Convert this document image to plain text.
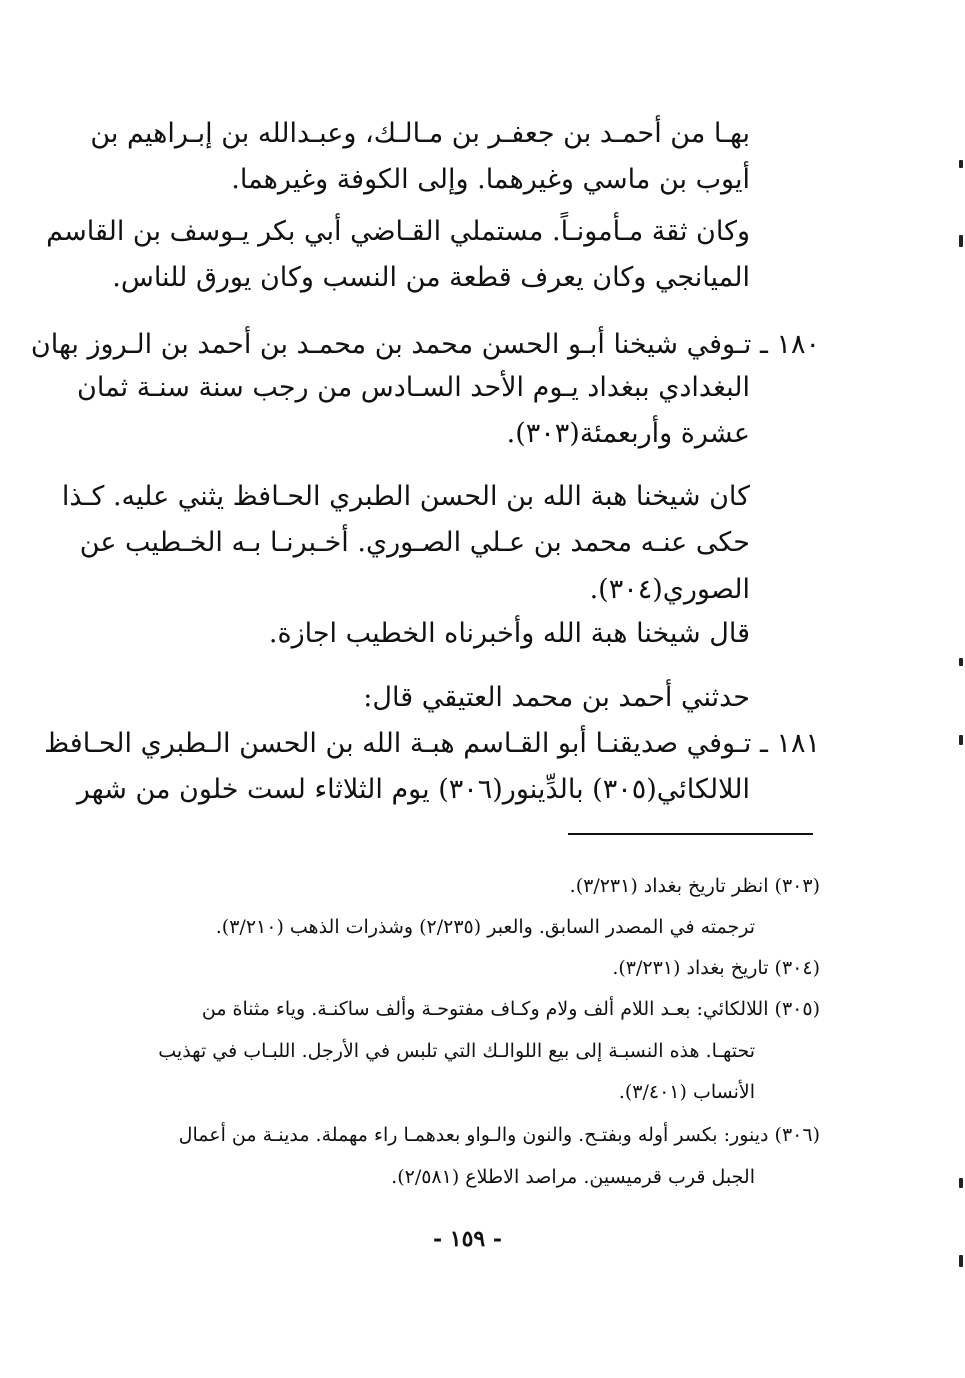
بهـا من أحمـد بن جعفـر بن مـالـك، وعبـدالله بن إبـراهيم بن
أيوب بن ماسي وغيرهما. وإلى الكوفة وغيرهما.
وكان ثقة مـأمونـاً. مستملي القـاضي أبي بكر يـوسف بن القاسم
الميانجي وكان يعرف قطعة من النسب وكان يورق للناس.
١٨٠ ـ تـوفي شيخنا أبـو الحسن محمد بن محمـد بن أحمد بن الـروز بهان
البغدادي ببغداد يـوم الأحد السـادس من رجب سنة سنـة ثمان
عشرة وأربعمئة(٣٠٣).
كان شيخنا هبة الله بن الحسن الطبري الحـافظ يثني عليه. كـذا
حكى عنـه محمد بن عـلي الصـوري. أخـبرنـا بـه الخـطيب عن
الصوري(٣٠٤).
قال شيخنا هبة الله وأخبرناه الخطيب اجازة.
حدثني أحمد بن محمد العتيقي قال:
١٨١ ـ تـوفي صديقنـا أبو القـاسم هبـة الله بن الحسن الـطبري الحـافظ
اللالكائي(٣٠٥) بالدِّينور(٣٠٦) يوم الثلاثاء لست خلون من شهر
(٣٠٣) انظر تاريخ بغداد (٣/٢٣١).
ترجمته في المصدر السابق. والعبر (٢/٢٣٥) وشذرات الذهب (٣/٢١٠).
(٣٠٤) تاريخ بغداد (٣/٢٣١).
(٣٠٥) اللالكائي: بعـد اللام ألف ولام وكـاف مفتوحـة وألف ساكنـة. وياء مثناة من
تحتهـا. هذه النسبـة إلى بيع اللوالـك التي تلبس في الأرجل. اللبـاب في تهذيب
الأنساب (٣/٤٠١).
(٣٠٦) دينور: بكسر أوله وبفتـح. والنون والـواو بعدهمـا راء مهملة. مدينـة من أعمال
الجبل قرب قرميسين. مراصد الاطلاع (٢/٥٨١).
- ١٥٩ -
